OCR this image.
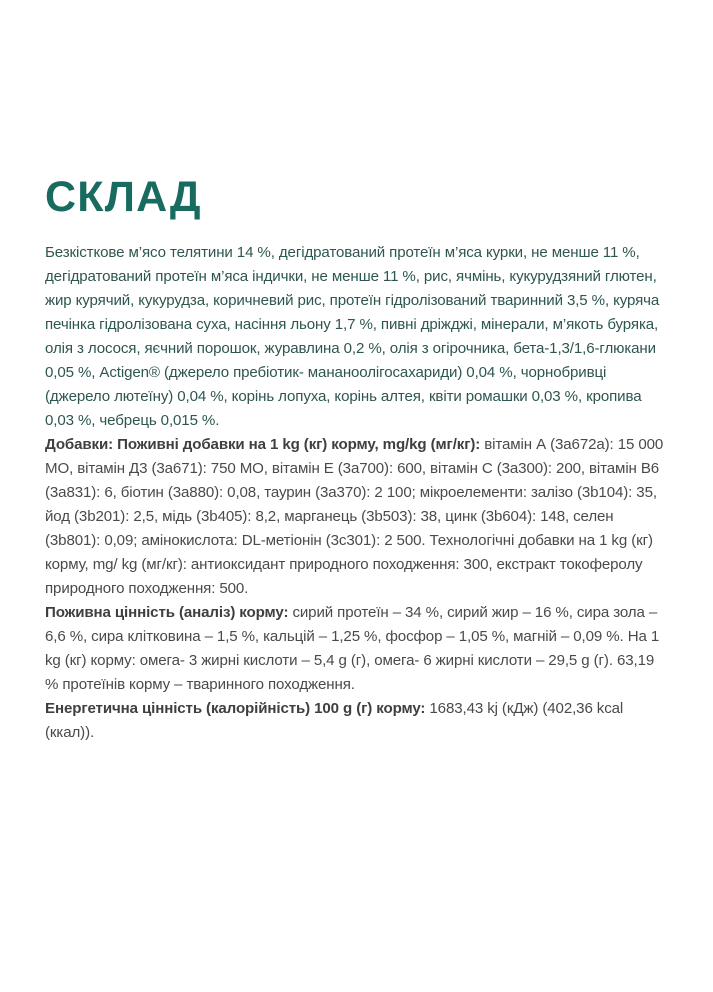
СКЛАД

Безкісткове м’ясо телятини 14 %, дегідратований протеїн м’яса курки, не менше 11 %, дегідратований протеїн м’яса індички, не менше 11 %, рис, ячмінь, кукурудзяний глютен, жир курячий, кукурудза, коричневий рис, протеїн гідролізований тваринний 3,5 %, куряча печінка гідролізована суха, насіння льону 1,7 %, пивні дріжджі, мінерали, м’якоть буряка, олія з лосося, яєчний порошок, журавлина 0,2 %, олія з огірочника, бета-1,3/1,6-глюкани 0,05 %, Actigen® (джерело пребіотик- мананоолігосахариди) 0,04 %, чорнобривці (джерело лютеїну) 0,04 %, корінь лопуха, корінь алтея, квіти ромашки 0,03 %, кропива 0,03 %, чебрець 0,015 %.

Добавки: Поживні добавки на 1 kg (кг) корму, mg/kg (мг/кг): вітамін А (3а672а): 15 000 МО, вітамін Д3 (3а671): 750 МО, вітамін Е (3а700): 600, вітамін С (3а300): 200, вітамін В6 (3а831): 6, біотин (3а880): 0,08, таурин (3а370): 2 100; мікроелементи: залізо (3b104): 35, йод (3b201): 2,5, мідь (3b405): 8,2, марганець (3b503): 38, цинк (3b604): 148, селен (3b801): 0,09; амінокислота: DL-метіонін (3с301): 2 500. Технологічні добавки на 1 kg (кг) корму, mg/ kg (мг/кг): антиоксидант природного походження: 300, екстракт токоферолу природного походження: 500.

Поживна цінність (аналіз) корму: сирий протеїн – 34 %, сирий жир – 16 %, сира зола – 6,6 %, сира клітковина – 1,5 %, кальцій – 1,25 %, фосфор – 1,05 %, магній – 0,09 %. На 1 kg (кг) корму: омега- 3 жирні кислоти – 5,4 g (г), омега- 6 жирні кислоти – 29,5 g (г). 63,19 % протеїнів корму – тваринного походження.

Енергетична цінність (калорійність) 100 g (г) корму: 1683,43 kj (кДж) (402,36 kcal (ккал)).
